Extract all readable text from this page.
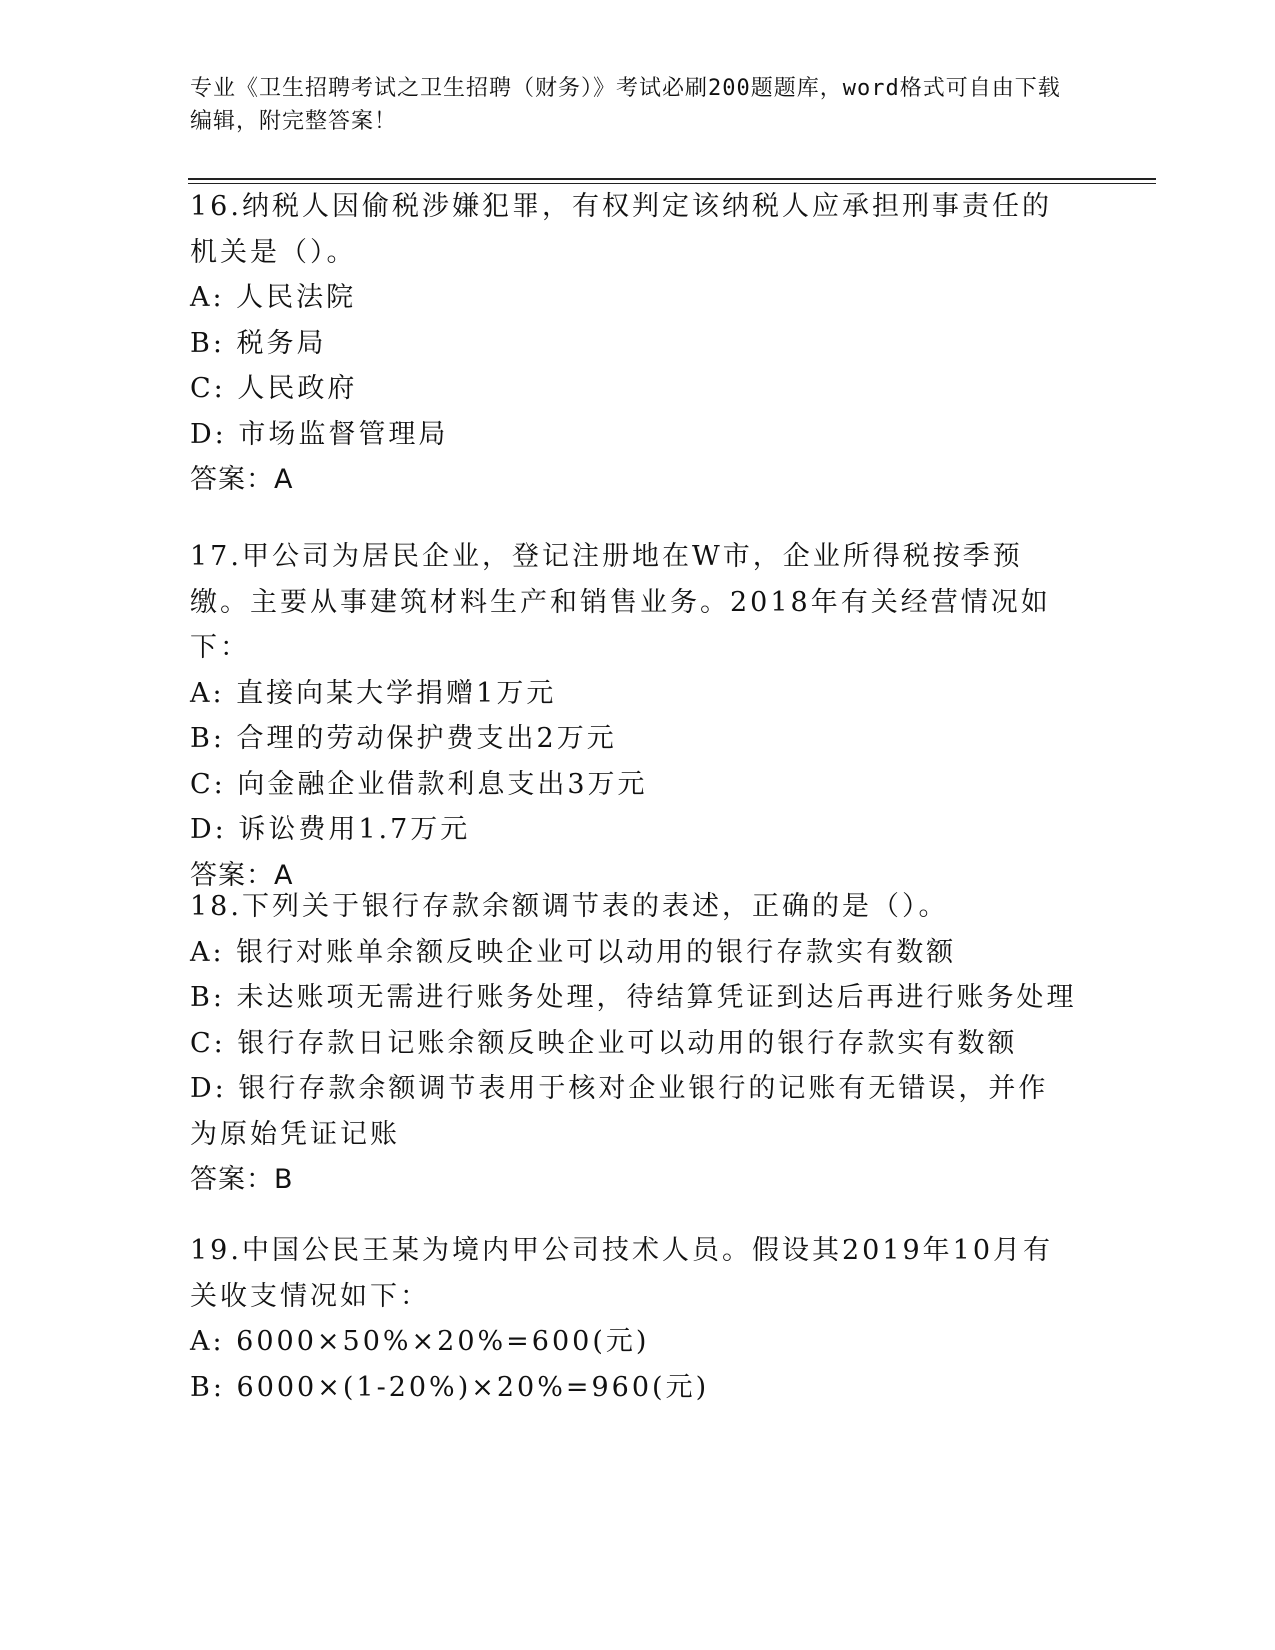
专业《卫生招聘考试之卫生招聘（财务）》考试必刷200题题库，word格式可自由下载编辑，附完整答案！
16.纳税人因偷税涉嫌犯罪，有权判定该纳税人应承担刑事责任的机关是（）。
A: 人民法院
B: 税务局
C: 人民政府
D: 市场监督管理局
答案：A
17.甲公司为居民企业，登记注册地在W市，企业所得税按季预缴。主要从事建筑材料生产和销售业务。2018年有关经营情况如下：
A: 直接向某大学捐赠1万元
B: 合理的劳动保护费支出2万元
C: 向金融企业借款利息支出3万元
D: 诉讼费用1.7万元
答案：A
18.下列关于银行存款余额调节表的表述，正确的是（）。
A: 银行对账单余额反映企业可以动用的银行存款实有数额
B: 未达账项无需进行账务处理，待结算凭证到达后再进行账务处理
C: 银行存款日记账余额反映企业可以动用的银行存款实有数额
D: 银行存款余额调节表用于核对企业银行的记账有无错误，并作为原始凭证记账
答案：B
19.中国公民王某为境内甲公司技术人员。假设其2019年10月有关收支情况如下：
A: 6000×50%×20%=600(元)
B: 6000×(1-20%)×20%=960(元)
